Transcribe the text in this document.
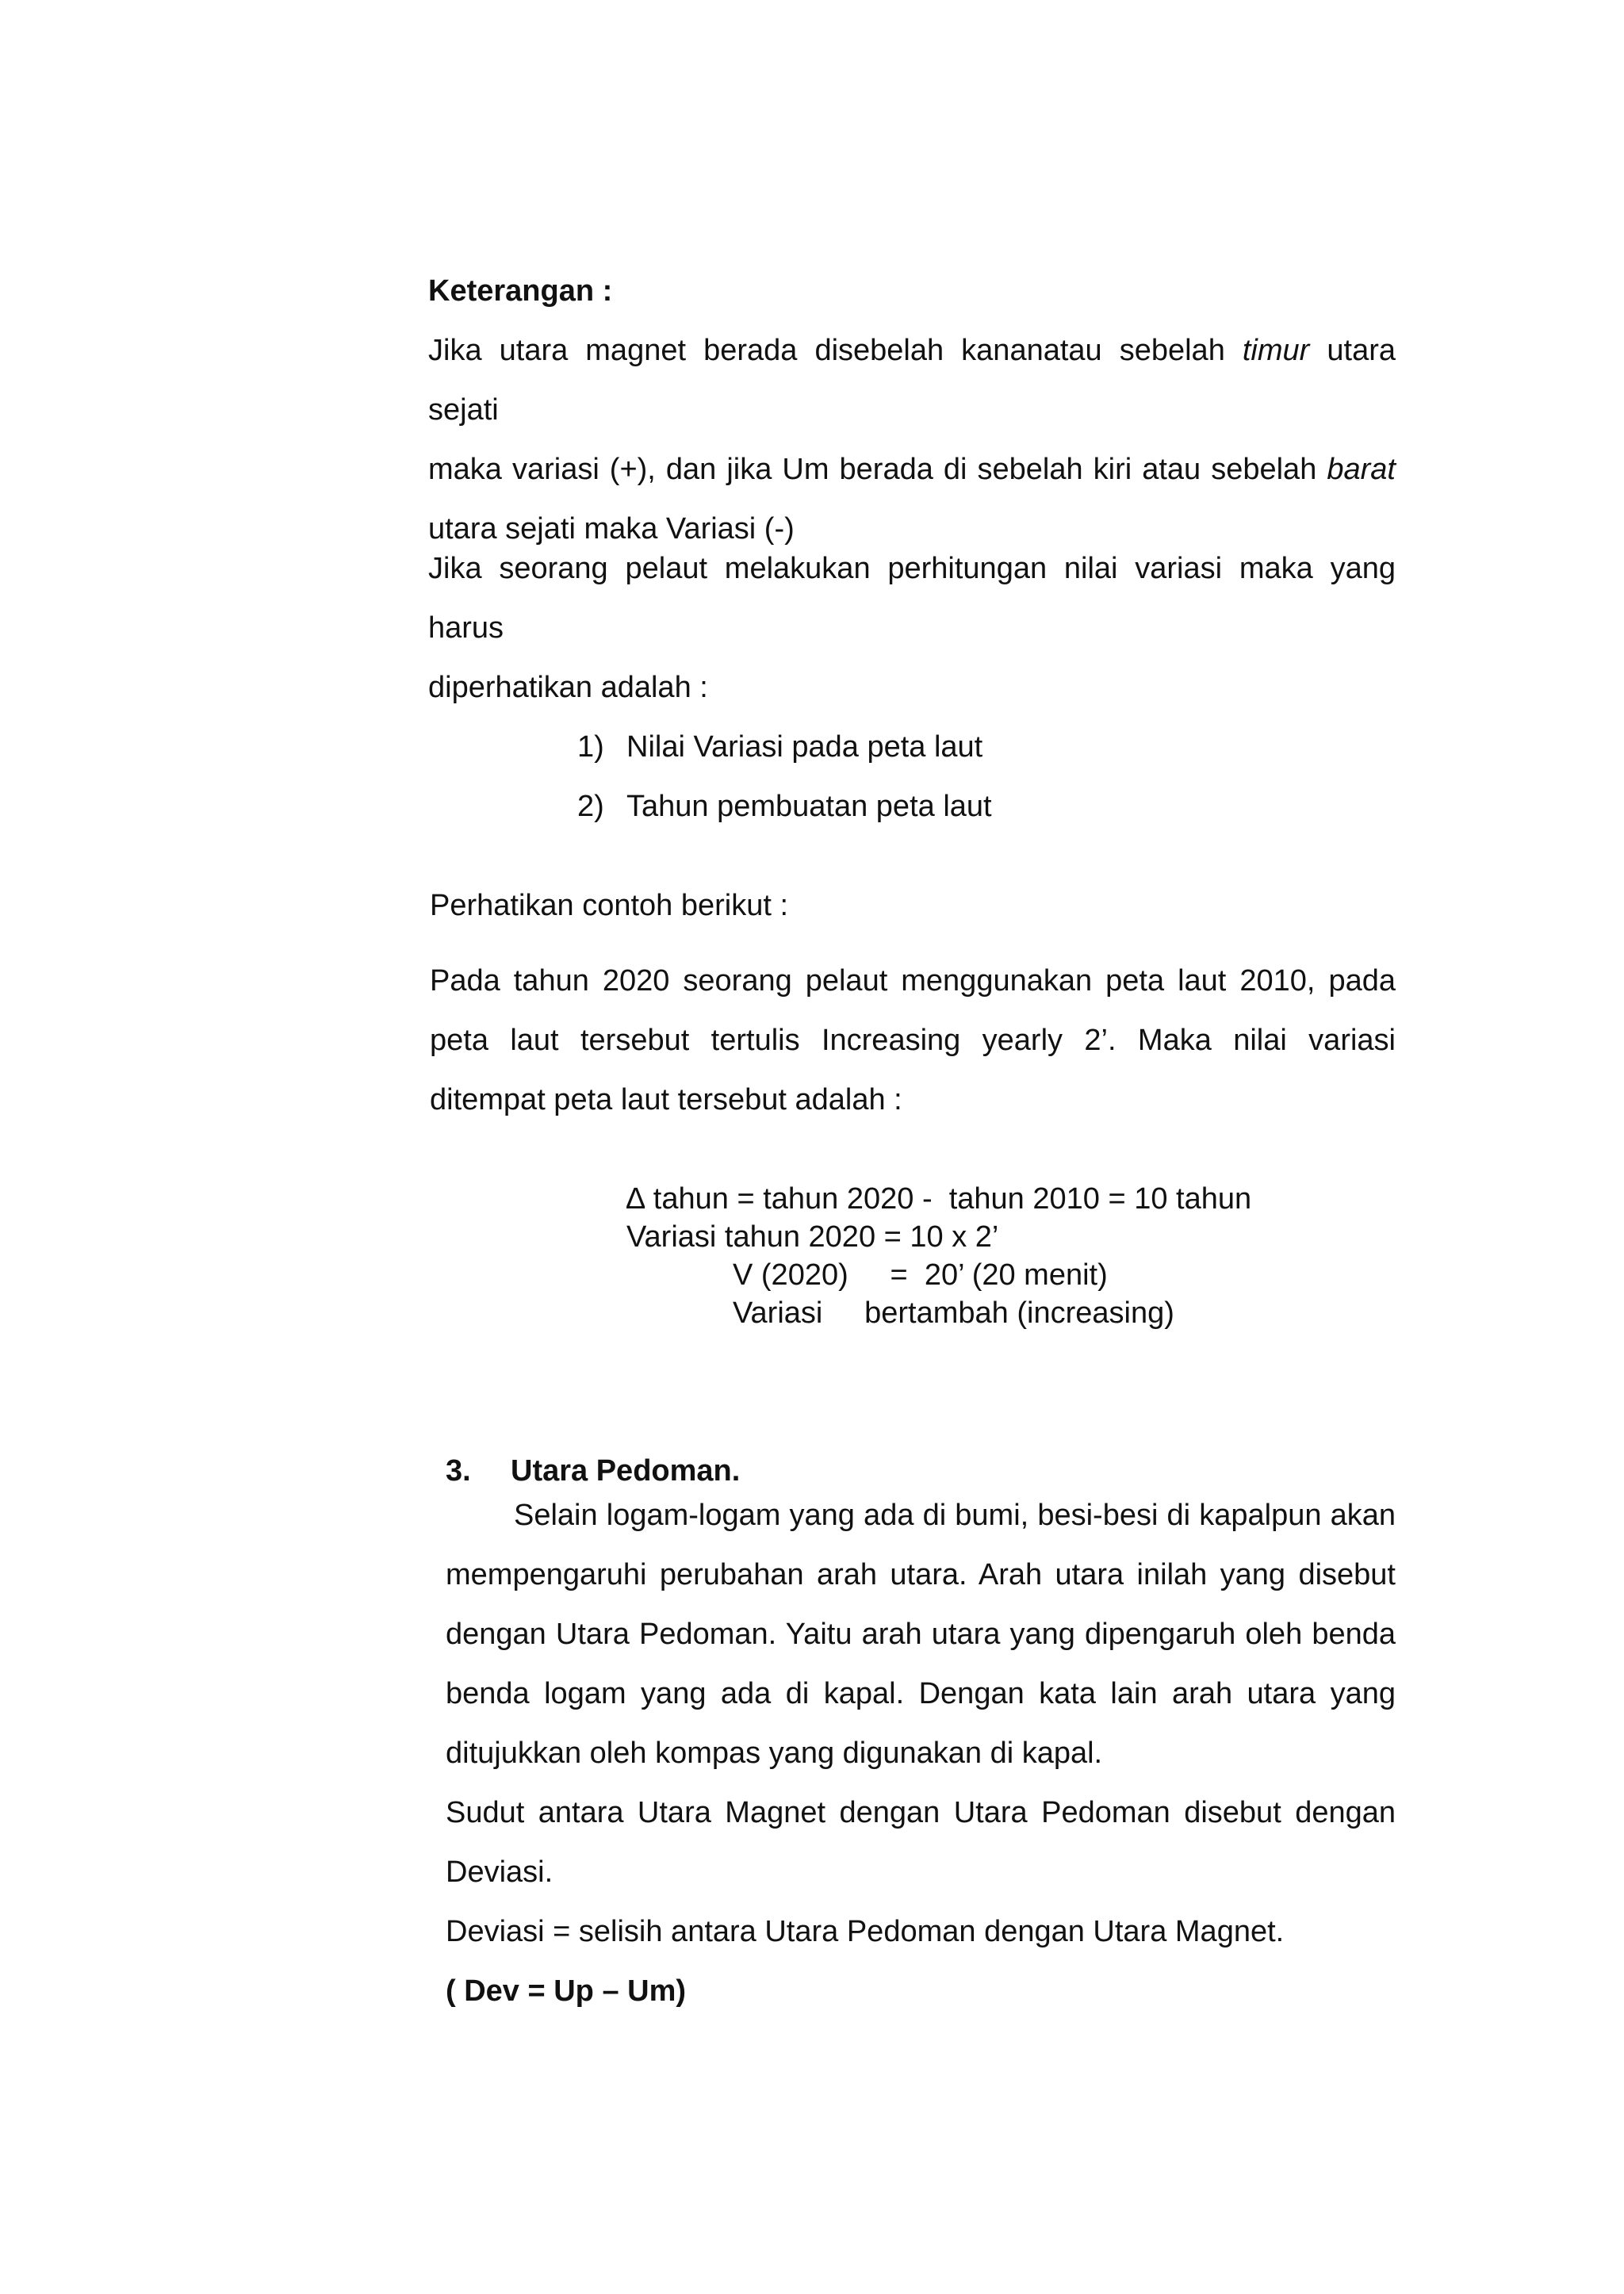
Keterangan :
Jika utara magnet berada disebelah kananatau sebelah timur utara sejati
maka variasi (+), dan jika Um berada di sebelah kiri atau sebelah barat
utara sejati maka Variasi (-)
Jika seorang pelaut melakukan perhitungan nilai variasi maka yang harus
diperhatikan adalah :
1) Nilai Variasi pada peta laut
2) Tahun pembuatan peta laut
Perhatikan contoh berikut :
Pada tahun 2020 seorang pelaut menggunakan peta laut 2010, pada
peta laut tersebut tertulis Increasing yearly 2’. Maka nilai variasi
ditempat peta laut tersebut adalah :
∆ tahun = tahun 2020 -  tahun 2010 = 10 tahun
Variasi tahun 2020 = 10 x 2’
V (2020)     =  20’ (20 menit)
Variasi     bertambah (increasing)
3. Utara Pedoman.
Selain logam-logam yang ada di bumi, besi-besi di kapalpun akan
mempengaruhi perubahan arah utara. Arah utara inilah yang disebut
dengan Utara Pedoman. Yaitu arah utara yang dipengaruh oleh benda
benda logam yang ada di kapal. Dengan kata lain arah utara yang
ditujukkan oleh kompas yang digunakan di kapal.
Sudut antara Utara Magnet dengan Utara Pedoman disebut dengan
Deviasi.
Deviasi = selisih antara Utara Pedoman dengan Utara Magnet.
( Dev = Up – Um)
